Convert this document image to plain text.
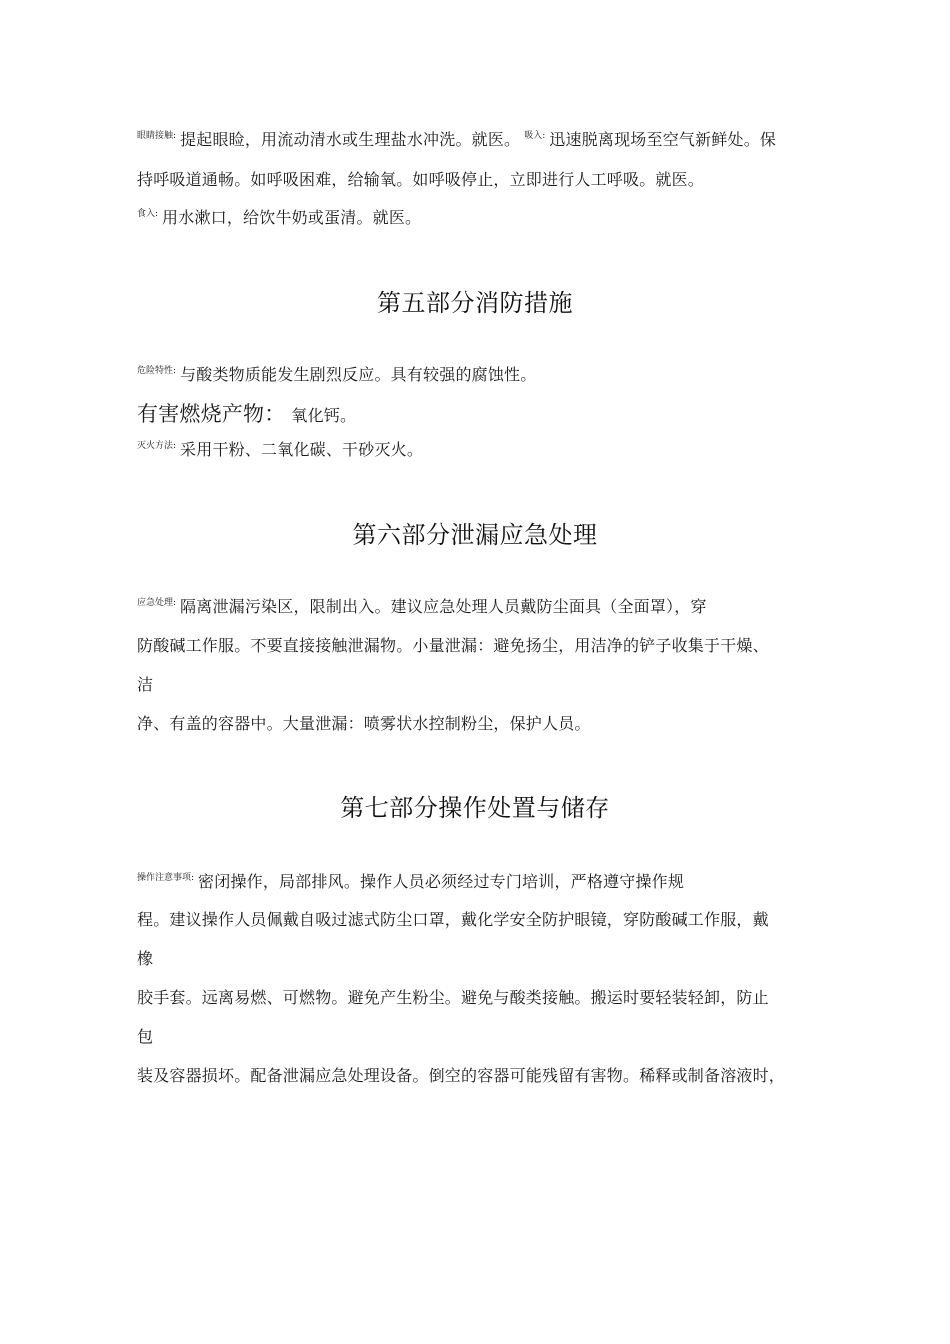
$^{眼睛接触:}$ 提起眼睑，用流动清水或生理盐水冲洗。就医。 $^{吸入:}$ 迅速脱离现场至空气新鲜处。保
持呼吸道通畅。如呼吸困难，给输氧。如呼吸停止，立即进行人工呼吸。就医。
$^{食入:}$ 用水漱口，给饮牛奶或蛋清。就医。
第五部分消防措施
$^{危险特性:}$ 与酸类物质能发生剧烈反应。具有较强的腐蚀性。
有害燃烧产物： 氧化钙。
$^{灭火方法:}$ 采用干粉、二氧化碳、干砂灭火。
第六部分泄漏应急处理
$^{应急处理:}$ 隔离泄漏污染区，限制出入。建议应急处理人员戴防尘面具（全面罩），穿
防酸碱工作服。不要直接接触泄漏物。小量泄漏：避免扬尘，用洁净的铲子收集于干燥、
洁
净、有盖的容器中。大量泄漏：喷雾状水控制粉尘，保护人员。
第七部分操作处置与储存
$^{操作注意事项:}$ 密闭操作，局部排风。操作人员必须经过专门培训，严格遵守操作规
程。建议操作人员佩戴自吸过滤式防尘口罩，戴化学安全防护眼镜，穿防酸碱工作服，戴
橡
胶手套。远离易燃、可燃物。避免产生粉尘。避免与酸类接触。搬运时要轻装轻卸，防止
包
装及容器损坏。配备泄漏应急处理设备。倒空的容器可能残留有害物。稀释或制备溶液时，
